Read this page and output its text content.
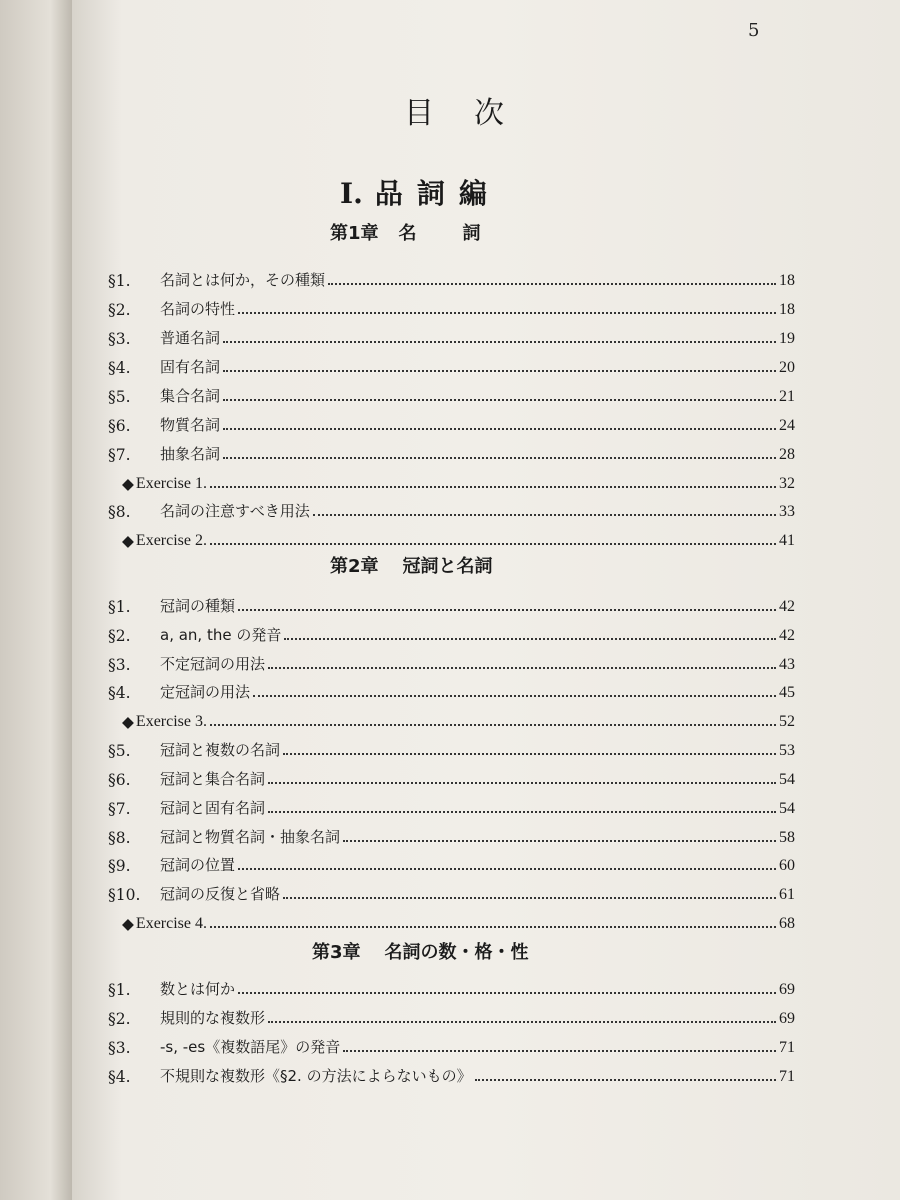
5
目次
I. 品詞編
第1章 名詞
§1.	名詞とは何か，その種類	18
§2.	名詞の特性	18
§3.	普通名詞	19
§4.	固有名詞	20
§5.	集合名詞	21
§6.	物質名詞	24
§7.	抽象名詞	28
◆ Exercise 1.	32
§8.	名詞の注意すべき用法	33
◆ Exercise 2.	41
第2章 冠詞と名詞
§1.	冠詞の種類	42
§2.	a, an, the の発音	42
§3.	不定冠詞の用法	43
§4.	定冠詞の用法	45
◆ Exercise 3.	52
§5.	冠詞と複数の名詞	53
§6.	冠詞と集合名詞	54
§7.	冠詞と固有名詞	54
§8.	冠詞と物質名詞・抽象名詞	58
§9.	冠詞の位置	60
§10.	冠詞の反復と省略	61
◆ Exercise 4.	68
第3章 名詞の数・格・性
§1.	数とは何か	69
§2.	規則的な複数形	69
§3.	-s, -es《複数語尾》の発音	71
§4.	不規則な複数形《§2. の方法によらないもの》	71
